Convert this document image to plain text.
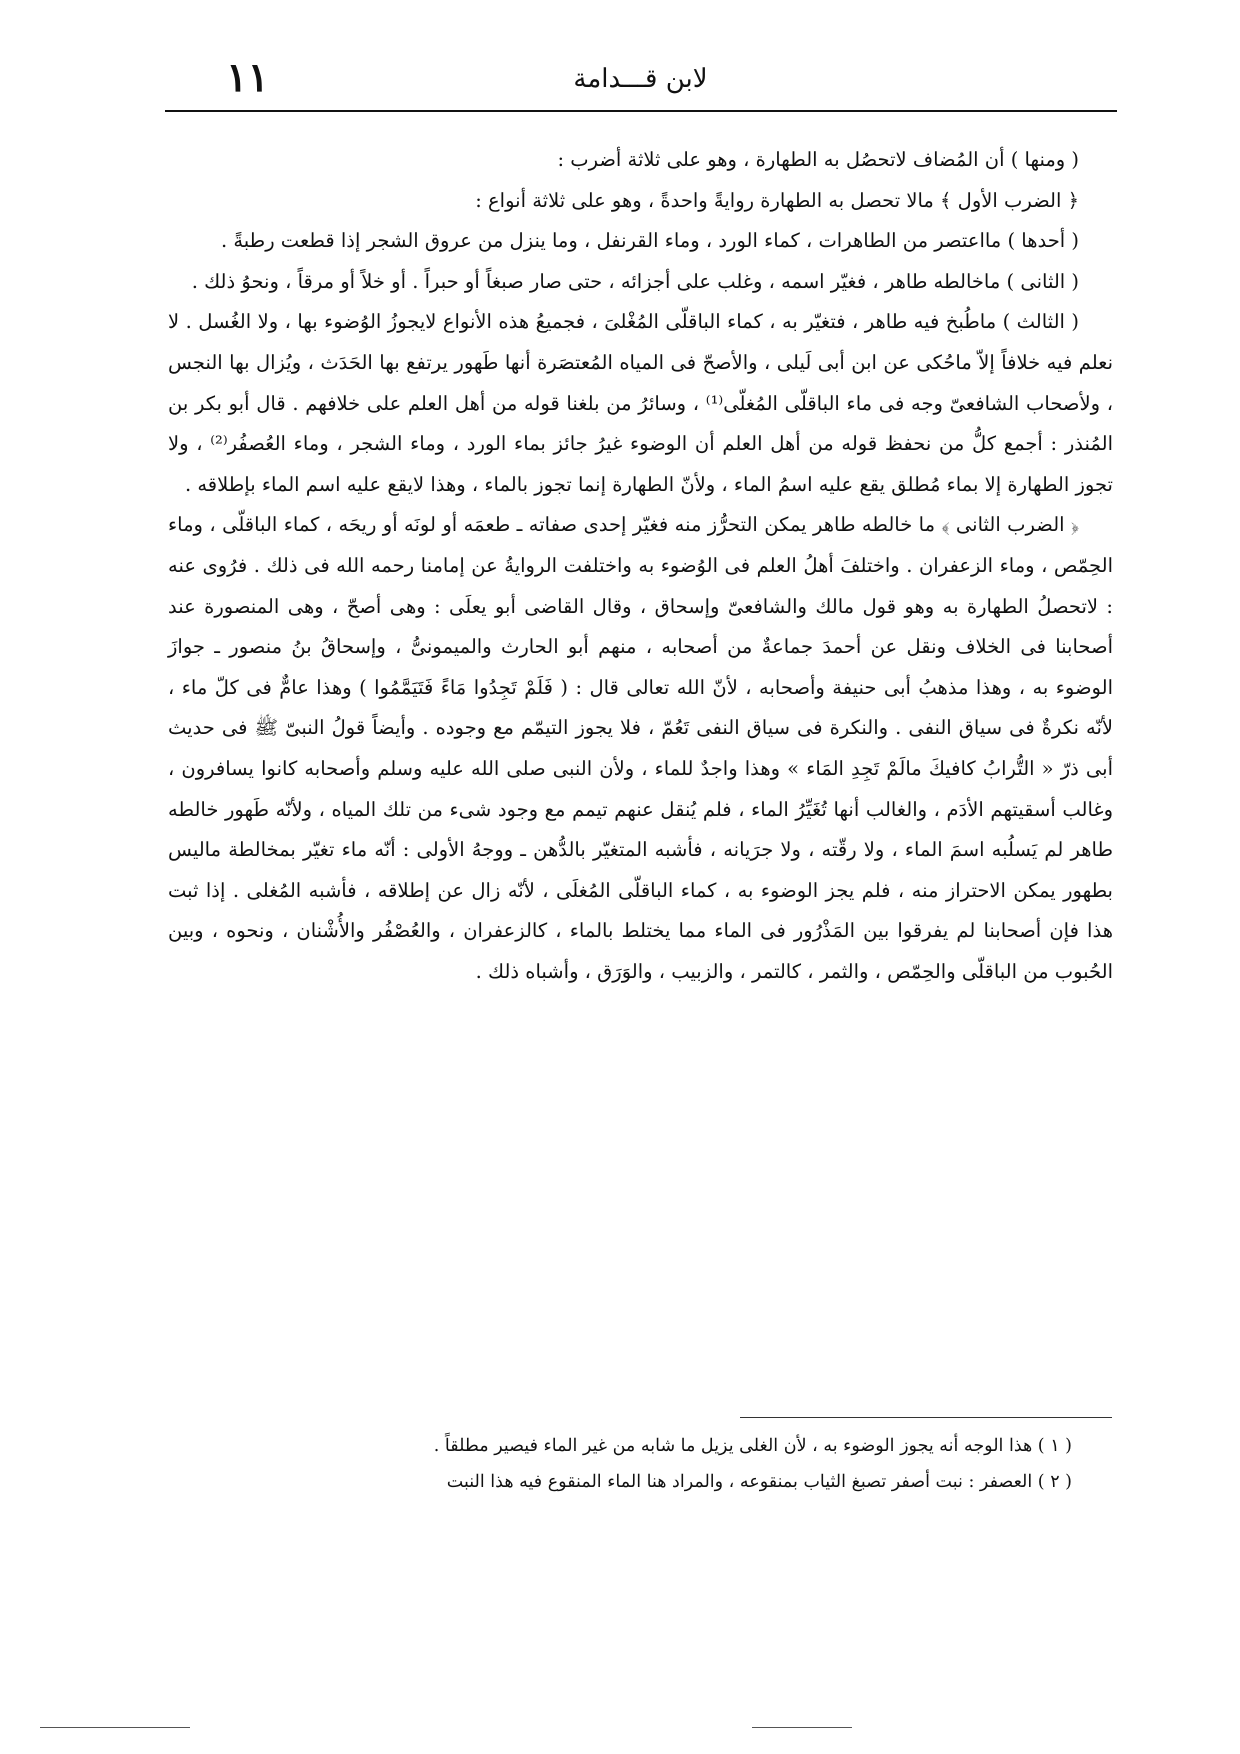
لابن قـــدامة
١١

( ومنها ) أن المُضاف لاتحصُل به الطهارة ، وهو على ثلاثة أضرب :

﴿ الضرب الأول ﴾ مالا تحصل به الطهارة روايةً واحدةً ، وهو على ثلاثة أنواع :

( أحدها ) مااعتصر من الطاهرات ، كماء الورد ، وماء القرنفل ، وما ينزل من عروق الشجر إذا قطعت رطبةً .

( الثانى ) ماخالطه طاهر ، فغيّر اسمه ، وغلب على أجزائه ، حتى صار صبغاً أو حبراً . أو خلاً أو مرقاً ، ونحوُ ذلك .

( الثالث ) ماطُبخ فيه طاهر ، فتغيّر به ، كماء الباقلّى المُغْلىَ ، فجميعُ هذه الأنواع لايجوزُ الوُضوء بها ، ولا الغُسل . لا نعلم فيه خلافاً إلاّ ماحُكى عن ابن أبى لَيلى ، والأصحّ فى المياه المُعتصَرة أنها طَهور يرتفع بها الحَدَث ، ويُزال بها النجس ، ولأصحاب الشافعىّ وجه فى ماء الباقلّى المُغلّى⁽¹⁾ ، وسائرُ من بلغنا قوله من أهل العلم على خلافهم . قال أبو بكر بن المُنذر : أجمع كلُّ من نحفظ قوله من أهل العلم أن الوضوء غيرُ جائز بماء الورد ، وماء الشجر ، وماء العُصفُر⁽²⁾ ، ولا تجوز الطهارة إلا بماء مُطلق يقع عليه اسمُ الماء ، ولأنّ الطهارة إنما تجوز بالماء ، وهذا لايقع عليه اسم الماء بإطلاقه .

﴿ الضرب الثانى ﴾ ما خالطه طاهر يمكن التحرُّز منه فغيّر إحدى صفاته ـ طعمَه أو لونَه أو ريحَه ، كماء الباقلّى ، وماء الحِمّص ، وماء الزعفران . واختلفَ أهلُ العلم فى الوُضوء به واختلفت الروايةُ عن إمامنا رحمه الله فى ذلك . فرُوى عنه : لاتحصلُ الطهارة به وهو قول مالك والشافعىّ وإسحاق ، وقال القاضى أبو يعلَى : وهى أصحّ ، وهى المنصورة عند أصحابنا فى الخلاف ونقل عن أحمدَ جماعةٌ من أصحابه ، منهم أبو الحارث والميمونىُّ ، وإسحاقُ بنُ منصور ـ جوازَ الوضوء به ، وهذا مذهبُ أبى حنيفة وأصحابه ، لأنّ الله تعالى قال : ( فَلَمْ تَجِدُوا مَاءً فَتَيَمَّمُوا ) وهذا عامٌّ فى كلّ ماء ، لأنّه نكرةٌ فى سياق النفى . والنكرة فى سياق النفى تَعُمّ ، فلا يجوز التيمّم مع وجوده . وأيضاً قولُ النبىّ ﷺ فى حديث أبى ذرّ « التُّرابُ كافيكَ مالَمْ تَجِدِ المَاء » وهذا واجدٌ للماء ، ولأن النبى صلى الله عليه وسلم وأصحابه كانوا يسافرون ، وغالب أسقيتهم الأدَم ، والغالب أنها تُغَيِّرُ الماء ، فلم يُنقل عنهم تيمم مع وجود شىء من تلك المياه ، ولأنّه طَهور خالطه طاهر لم يَسلُبه اسمَ الماء ، ولا رقّته ، ولا جرَيانه ، فأشبه المتغيّر بالدُّهن ـ ووجهُ الأولى : أنّه ماء تغيّر بمخالطة ماليس بطهور يمكن الاحتراز منه ، فلم يجز الوضوء به ، كماء الباقلّى المُغلَى ، لأنّه زال عن إطلاقه ، فأشبه المُغلى . إذا ثبت هذا فإن أصحابنا لم يفرقوا بين المَذْرُور فى الماء مما يختلط بالماء ، كالزعفران ، والعُصْفُر والأُشْنان ، ونحوه ، وبين الحُبوب من الباقلّى والحِمّص ، والثمر ، كالتمر ، والزبيب ، والوَرَق ، وأشباه ذلك .

( ١ ) هذا الوجه أنه يجوز الوضوء به ، لأن الغلى يزيل ما شابه من غير الماء فيصير مطلقاً .

( ٢ ) العصفر : نبت أصفر تصبغ الثياب بمنقوعه ، والمراد هنا الماء المنقوع فيه هذا النبت
